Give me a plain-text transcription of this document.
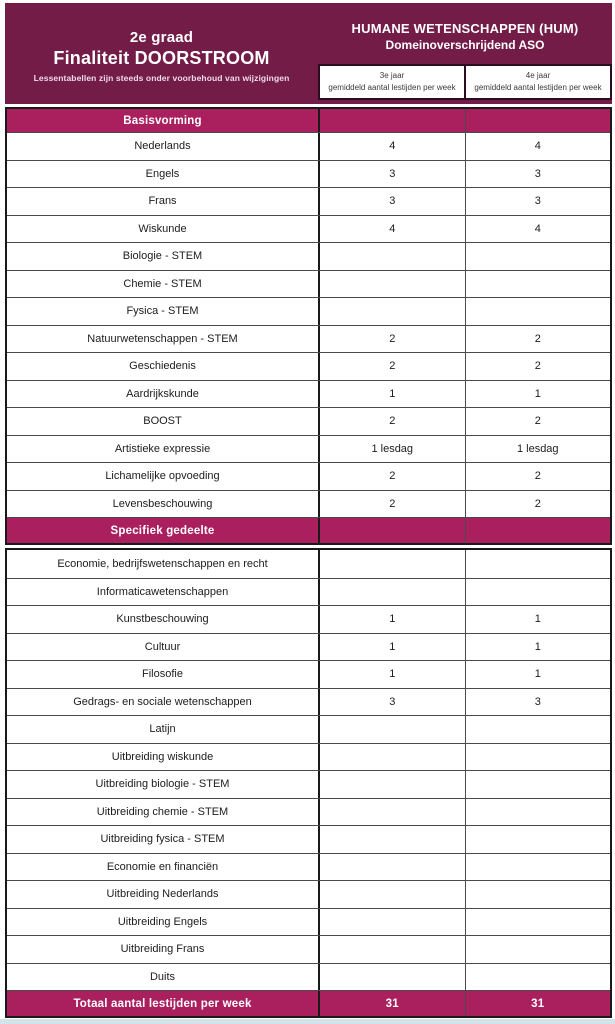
2e graad
Finaliteit DOORSTROOM
Lessentabellen zijn steeds onder voorbehoud van wijzigingen
HUMANE WETENSCHAPPEN (HUM)
Domeinoverschrijdend ASO
3e jaar
gemiddeld aantal lestijden per week
4e jaar
gemiddeld aantal lestijden per week
Basisvorming
Nederlands	4	4
Engels	3	3
Frans	3	3
Wiskunde	4	4
Biologie - STEM
Chemie - STEM
Fysica - STEM
Natuurwetenschappen - STEM	2	2
Geschiedenis	2	2
Aardrijkskunde	1	1
BOOST	2	2
Artistieke expressie	1 lesdag	1 lesdag
Lichamelijke opvoeding	2	2
Levensbeschouwing	2	2
Specifiek gedeelte
Economie, bedrijfswetenschappen en recht
Informaticawetenschappen
Kunstbeschouwing	1	1
Cultuur	1	1
Filosofie	1	1
Gedrags- en sociale wetenschappen	3	3
Latijn
Uitbreiding wiskunde
Uitbreiding biologie - STEM
Uitbreiding chemie - STEM
Uitbreiding fysica - STEM
Economie en financiën
Uitbreiding Nederlands
Uitbreiding Engels
Uitbreiding Frans
Duits
Totaal aantal lestijden per week	31	31
